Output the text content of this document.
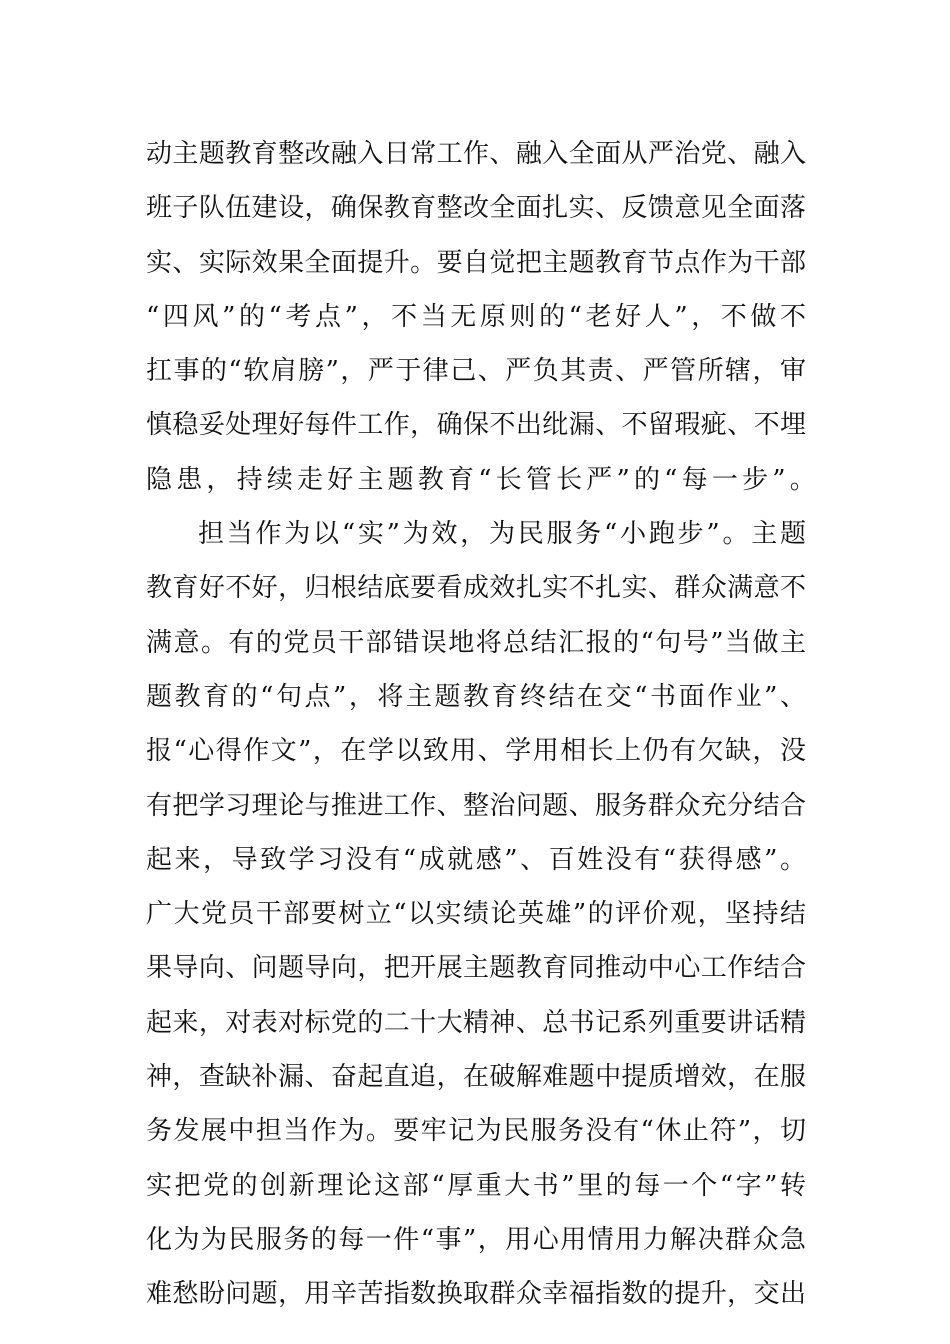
动主题教育整改融入日常工作、融入全面从严治党、融入
班子队伍建设，确保教育整改全面扎实、反馈意见全面落
实、实际效果全面提升。要自觉把主题教育节点作为干部
“四风”的“考点”，不当无原则的“老好人”，不做不
扛事的“软肩膀”，严于律己、严负其责、严管所辖，审
慎稳妥处理好每件工作，确保不出纰漏、不留瑕疵、不埋
隐患，持续走好主题教育“长管长严”的“每一步”。
担当作为以“实”为效，为民服务“小跑步”。主题
教育好不好，归根结底要看成效扎实不扎实、群众满意不
满意。有的党员干部错误地将总结汇报的“句号”当做主
题教育的“句点”，将主题教育终结在交“书面作业”、
报“心得作文”，在学以致用、学用相长上仍有欠缺，没
有把学习理论与推进工作、整治问题、服务群众充分结合
起来，导致学习没有“成就感”、百姓没有“获得感”。
广大党员干部要树立“以实绩论英雄”的评价观，坚持结
果导向、问题导向，把开展主题教育同推动中心工作结合
起来，对表对标党的二十大精神、总书记系列重要讲话精
神，查缺补漏、奋起直追，在破解难题中提质增效，在服
务发展中担当作为。要牢记为民服务没有“休止符”，切
实把党的创新理论这部“厚重大书”里的每一个“字”转
化为为民服务的每一件“事”，用心用情用力解决群众急
难愁盼问题，用辛苦指数换取群众幸福指数的提升，交出
